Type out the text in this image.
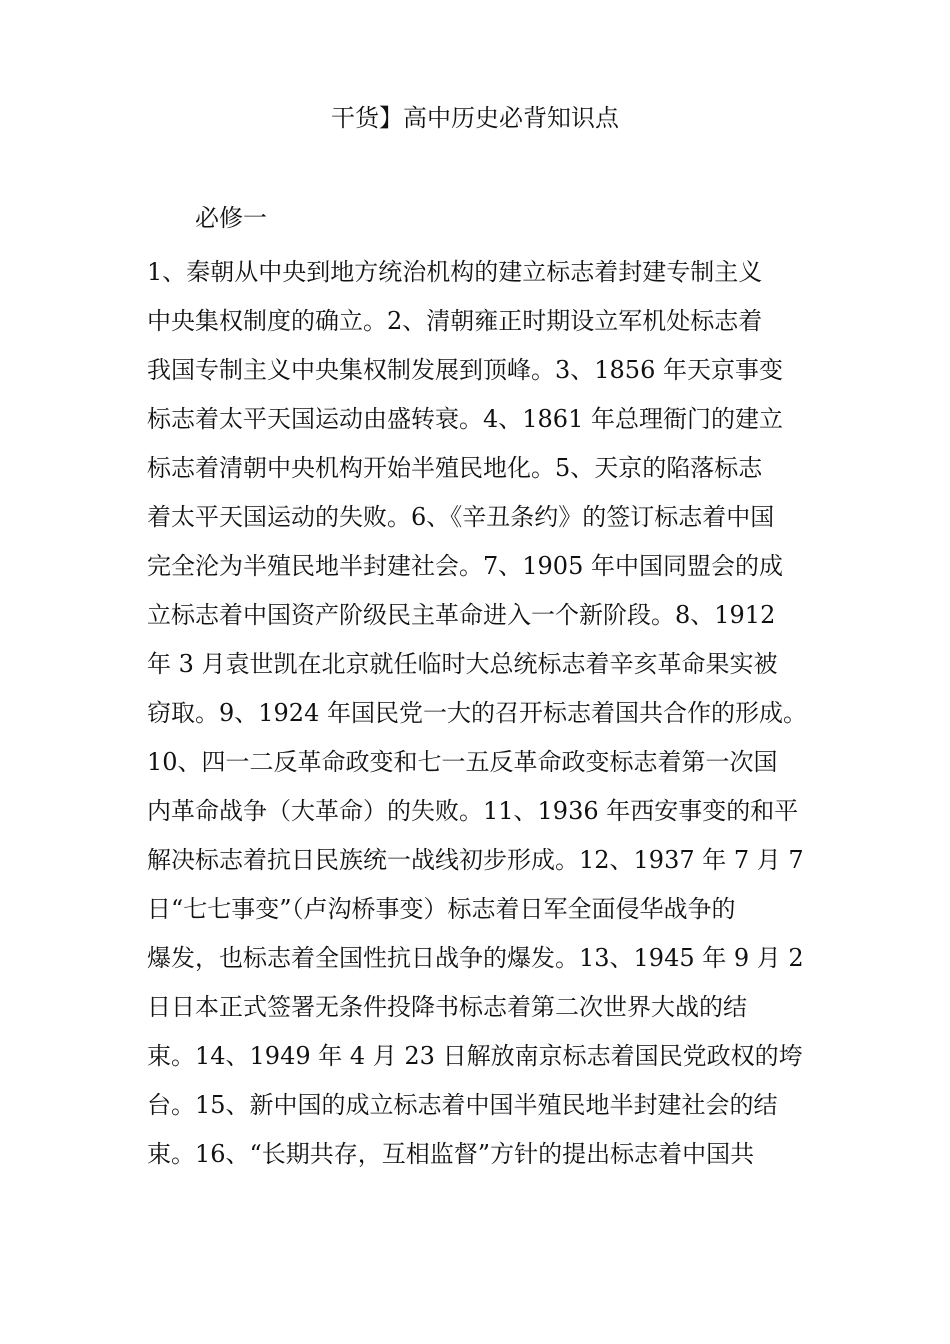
干货】高中历史必背知识点
必修一
1、秦朝从中央到地方统治机构的建立标志着封建专制主义
中央集权制度的确立。2、清朝雍正时期设立军机处标志着
我国专制主义中央集权制发展到顶峰。3、1856 年天京事变
标志着太平天国运动由盛转衰。4、1861 年总理衙门的建立
标志着清朝中央机构开始半殖民地化。5、天京的陷落标志
着太平天国运动的失败。6、《辛丑条约》的签订标志着中国
完全沦为半殖民地半封建社会。7、1905 年中国同盟会的成
立标志着中国资产阶级民主革命进入一个新阶段。8、1912
年 3 月袁世凯在北京就任临时大总统标志着辛亥革命果实被
窃取。9、1924 年国民党一大的召开标志着国共合作的形成。
10、四一二反革命政变和七一五反革命政变标志着第一次国
内革命战争（大革命）的失败。11、1936 年西安事变的和平
解决标志着抗日民族统一战线初步形成。12、1937 年 7 月 7
日“七七事变”（卢沟桥事变）标志着日军全面侵华战争的
爆发，也标志着全国性抗日战争的爆发。13、1945 年 9 月 2
日日本正式签署无条件投降书标志着第二次世界大战的结
束。14、1949 年 4 月 23 日解放南京标志着国民党政权的垮
台。15、新中国的成立标志着中国半殖民地半封建社会的结
束。16、“长期共存，互相监督”方针的提出标志着中国共
